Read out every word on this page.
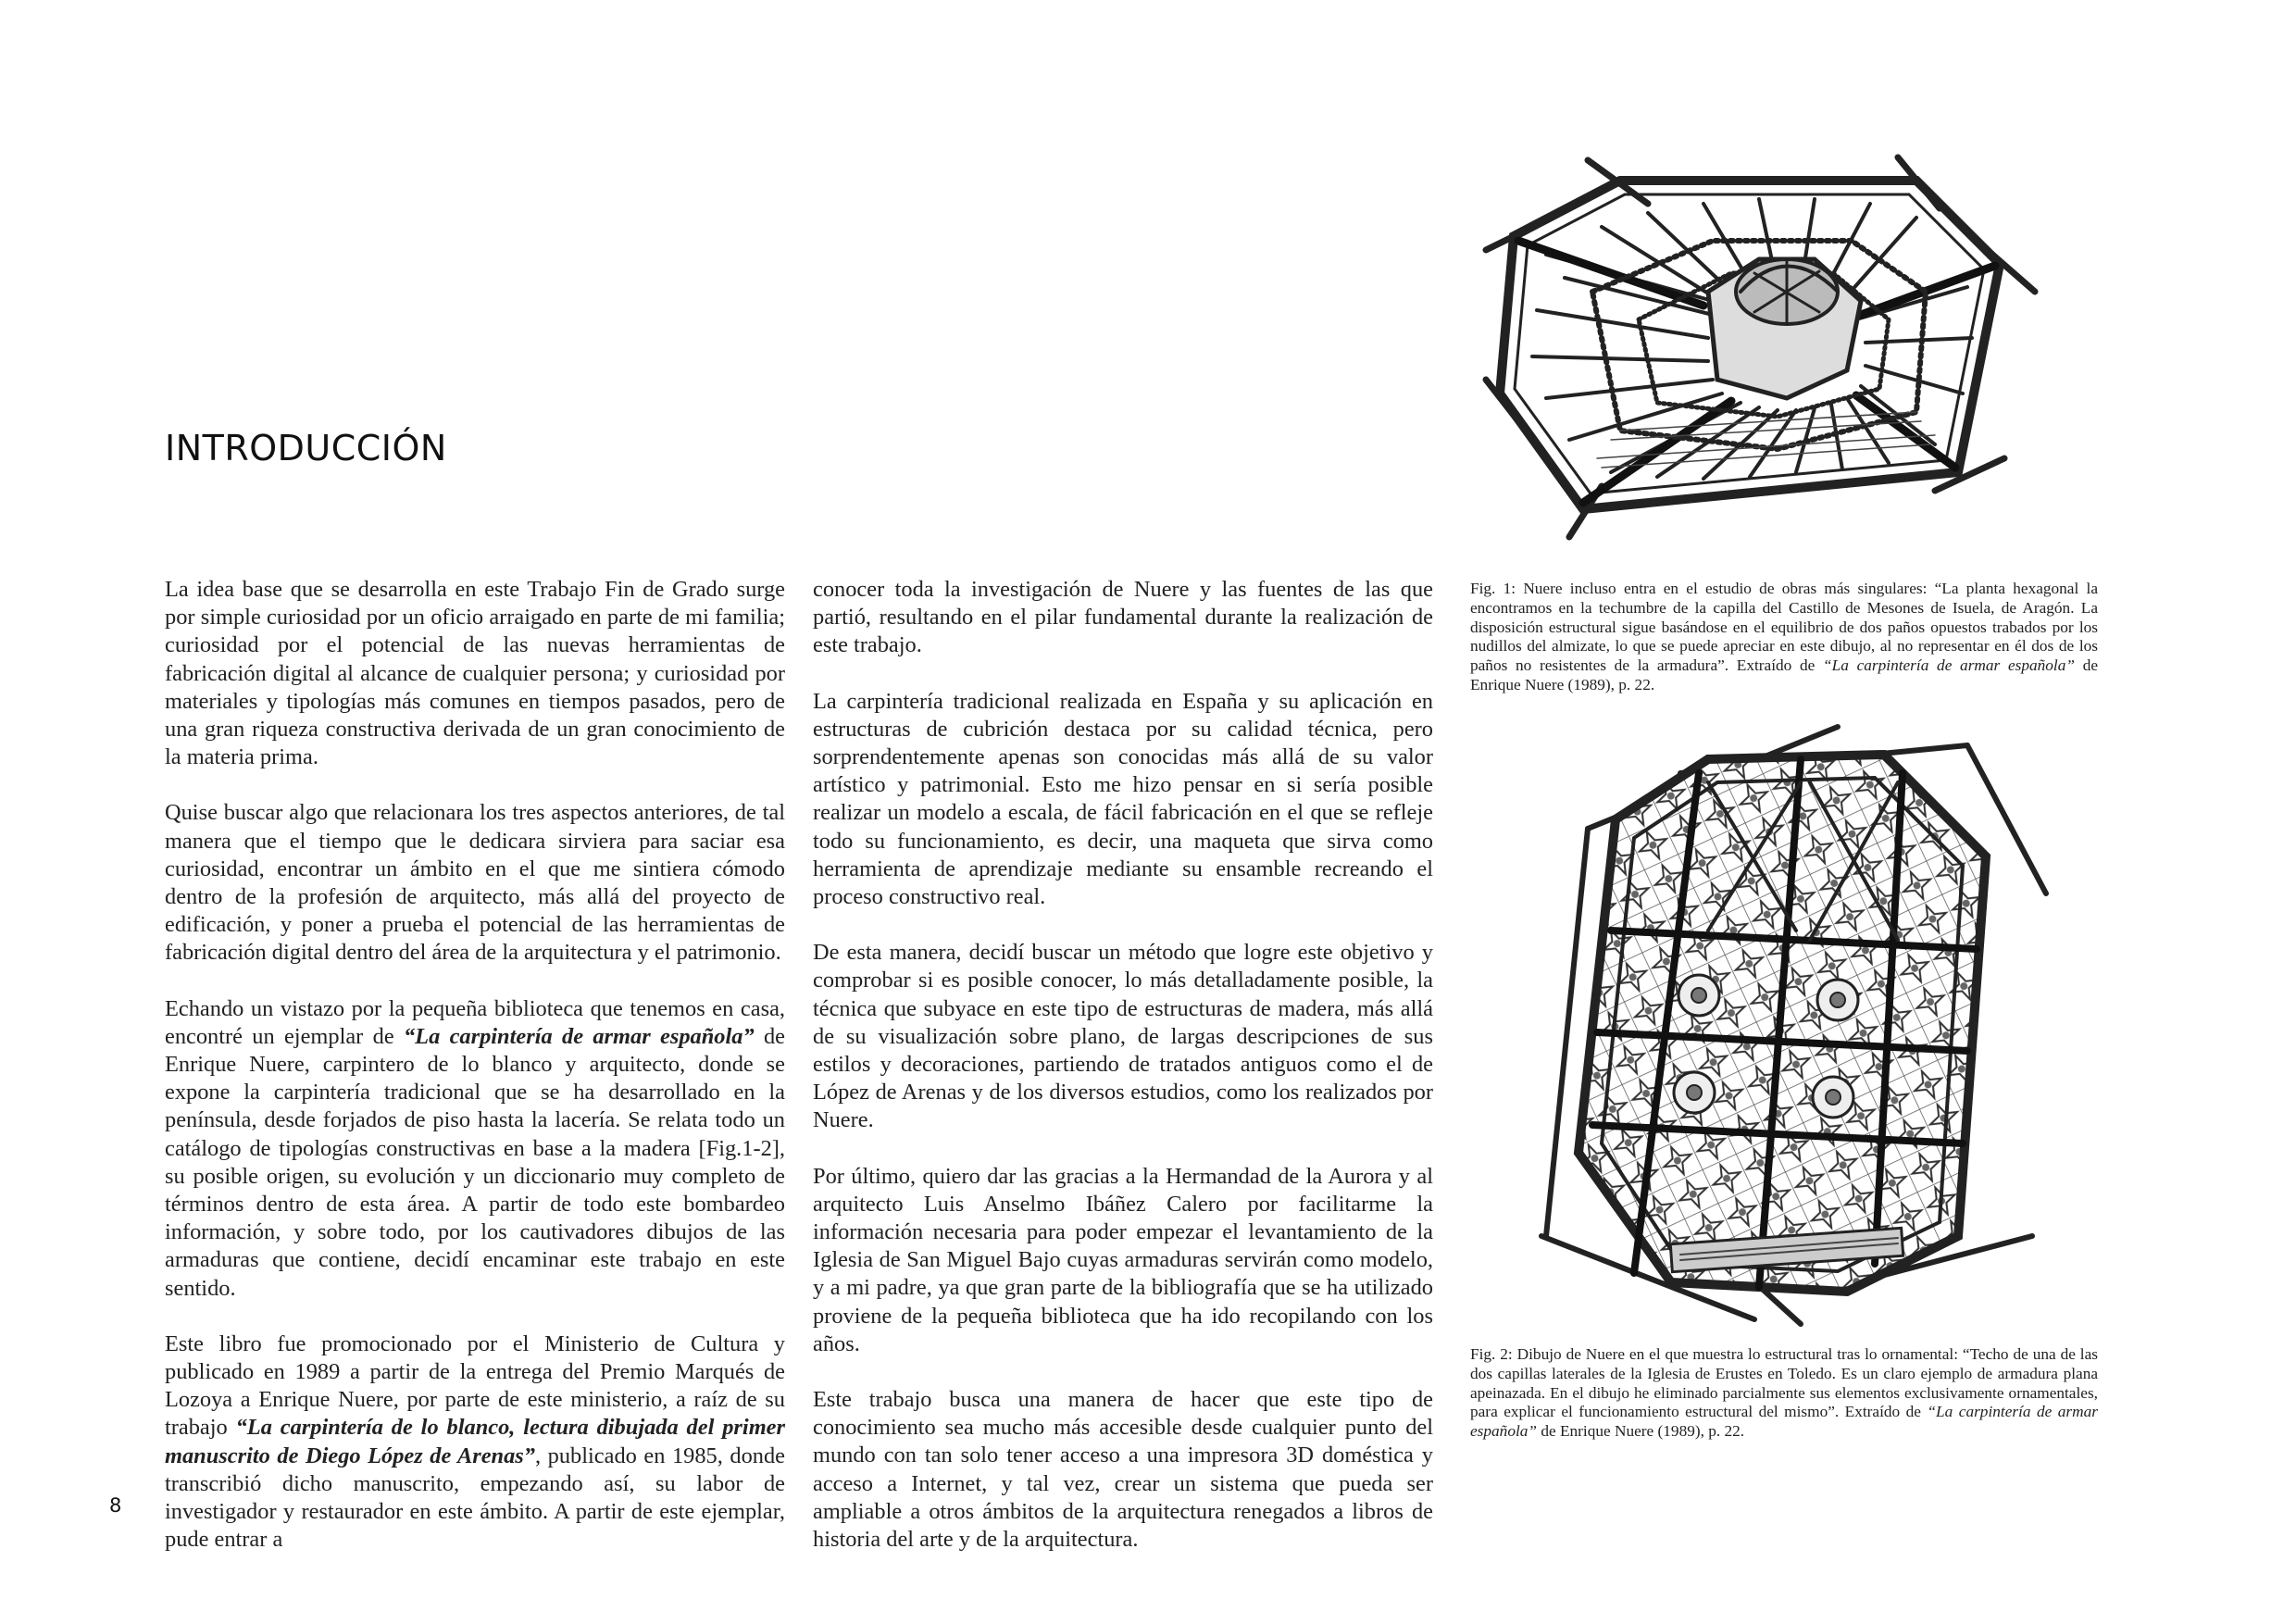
INTRODUCCIÓN

La idea base que se desarrolla en este Trabajo Fin de Grado surge por simple curiosidad por un oficio arraigado en parte de mi familia; curiosidad por el potencial de las nuevas herramientas de fabricación digital al alcance de cualquier persona; y curiosidad por materiales y tipologías más comunes en tiempos pasados, pero de una gran riqueza constructiva derivada de un gran conocimiento de la materia prima.

Quise buscar algo que relacionara los tres aspectos anteriores, de tal manera que el tiempo que le dedicara sirviera para saciar esa curiosidad, encontrar un ámbito en el que me sintiera cómodo dentro de la profesión de arquitecto, más allá del proyecto de edificación, y poner a prueba el potencial de las herramientas de fabricación digital dentro del área de la arquitectura y el patrimonio.

Echando un vistazo por la pequeña biblioteca que tenemos en casa, encontré un ejemplar de “La carpintería de armar española” de Enrique Nuere, carpintero de lo blanco y arquitecto, donde se expone la carpintería tradicional que se ha desarrollado en la península, desde forjados de piso hasta la lacería. Se relata todo un catálogo de tipologías constructivas en base a la madera [Fig.1-2], su posible origen, su evolución y un diccionario muy completo de términos dentro de esta área. A partir de todo este bombardeo información, y sobre todo, por los cautivadores dibujos de las armaduras que contiene, decidí encaminar este trabajo en este sentido.

Este libro fue promocionado por el Ministerio de Cultura y publicado en 1989 a partir de la entrega del Premio Marqués de Lozoya a Enrique Nuere, por parte de este ministerio, a raíz de su trabajo “La carpintería de lo blanco, lectura dibujada del primer manuscrito de Diego López de Arenas”, publicado en 1985, donde transcribió dicho manuscrito, empezando así, su labor de investigador y restaurador en este ámbito. A partir de este ejemplar, pude entrar a

conocer toda la investigación de Nuere y las fuentes de las que partió, resultando en el pilar fundamental durante la realización de este trabajo.

La carpintería tradicional realizada en España y su aplicación en estructuras de cubrición destaca por su calidad técnica, pero sorprendentemente apenas son conocidas más allá de su valor artístico y patrimonial. Esto me hizo pensar en si sería posible realizar un modelo a escala, de fácil fabricación en el que se refleje todo su funcionamiento, es decir, una maqueta que sirva como herramienta de aprendizaje mediante su ensamble recreando el proceso constructivo real.

De esta manera, decidí buscar un método que logre este objetivo y comprobar si es posible conocer, lo más detalladamente posible, la técnica que subyace en este tipo de estructuras de madera, más allá de su visualización sobre plano, de largas descripciones de sus estilos y decoraciones, partiendo de tratados antiguos como el de López de Arenas y de los diversos estudios, como los realizados por Nuere.

Por último, quiero dar las gracias a la Hermandad de la Aurora y al arquitecto Luis Anselmo Ibáñez Calero por facilitarme la información necesaria para poder empezar el levantamiento de la Iglesia de San Miguel Bajo cuyas armaduras servirán como modelo, y a mi padre, ya que gran parte de la bibliografía que se ha utilizado proviene de la pequeña biblioteca que ha ido recopilando con los años.

Este trabajo busca una manera de hacer que este tipo de conocimiento sea mucho más accesible desde cualquier punto del mundo con tan solo tener acceso a una impresora 3D doméstica y acceso a Internet, y tal vez, crear un sistema que pueda ser ampliable a otros ámbitos de la arquitectura renegados a libros de historia del arte y de la arquitectura.

Fig. 1: Nuere incluso entra en el estudio de obras más singulares: “La planta hexagonal la encontramos en la techumbre de la capilla del Castillo de Mesones de Isuela, de Aragón. La disposición estructural sigue basándose en el equilibrio de dos paños opuestos trabados por los nudillos del almizate, lo que se puede apreciar en este dibujo, al no representar en él dos de los paños no resistentes de la armadura”. Extraído de “La carpintería de armar española” de Enrique Nuere (1989), p. 22.
Fig. 2: Dibujo de Nuere en el que muestra lo estructural tras lo ornamental: “Techo de una de las dos capillas laterales de la Iglesia de Erustes en Toledo. Es un claro ejemplo de armadura plana apeinazada. En el dibujo he eliminado parcialmente sus elementos exclusivamente ornamentales, para explicar el funcionamiento estructural del mismo”. Extraído de “La carpintería de armar española” de Enrique Nuere (1989), p. 22.
8
